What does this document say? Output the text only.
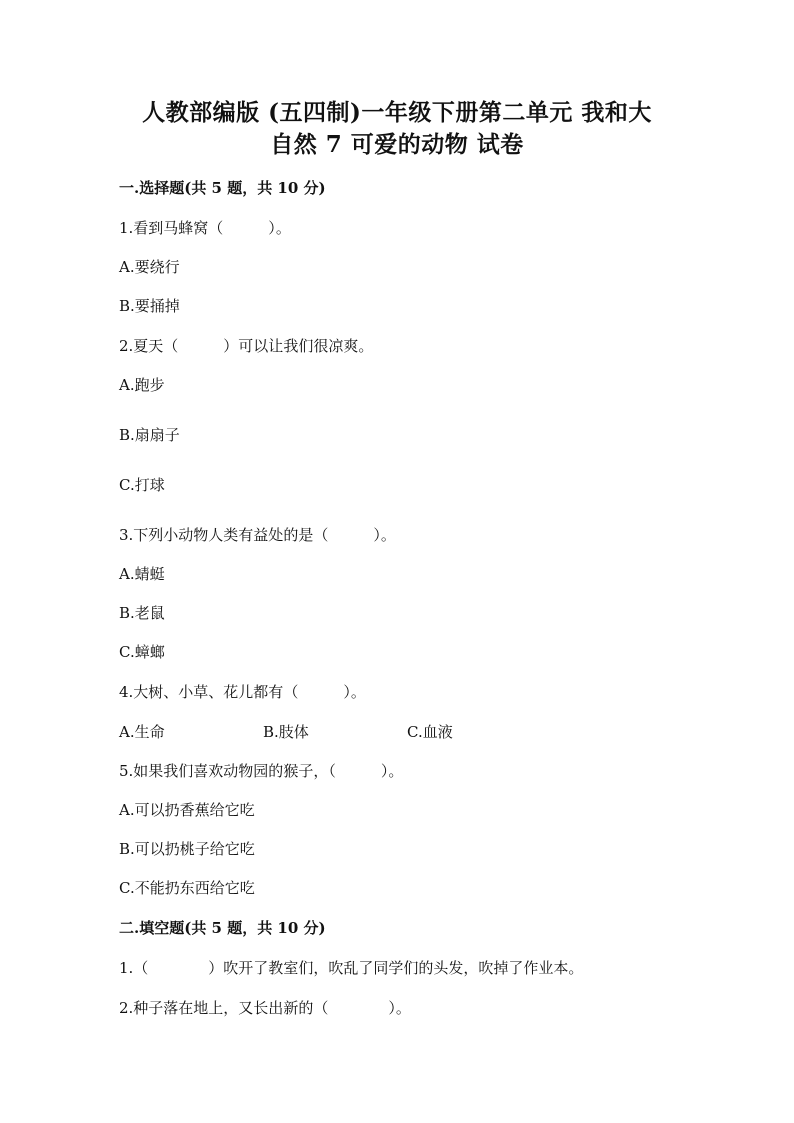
人教部编版 (五四制)一年级下册第二单元 我和大
自然 7 可爱的动物 试卷
一.选择题(共 5 题，共 10 分)
1.看到马蜂窝（　　　）。
A.要绕行
B.要捅掉
2.夏天（　　　）可以让我们很凉爽。
A.跑步
B.扇扇子
C.打球
3.下列小动物人类有益处的是（　　　）。
A.蜻蜓
B.老鼠
C.蟑螂
4.大树、小草、花儿都有（　　　）。
A.生命	B.肢体	C.血液
5.如果我们喜欢动物园的猴子，（　　　）。
A.可以扔香蕉给它吃
B.可以扔桃子给它吃
C.不能扔东西给它吃
二.填空题(共 5 题，共 10 分)
1.（　　　　）吹开了教室们，吹乱了同学们的头发，吹掉了作业本。
2.种子落在地上，又长出新的（　　　　）。
